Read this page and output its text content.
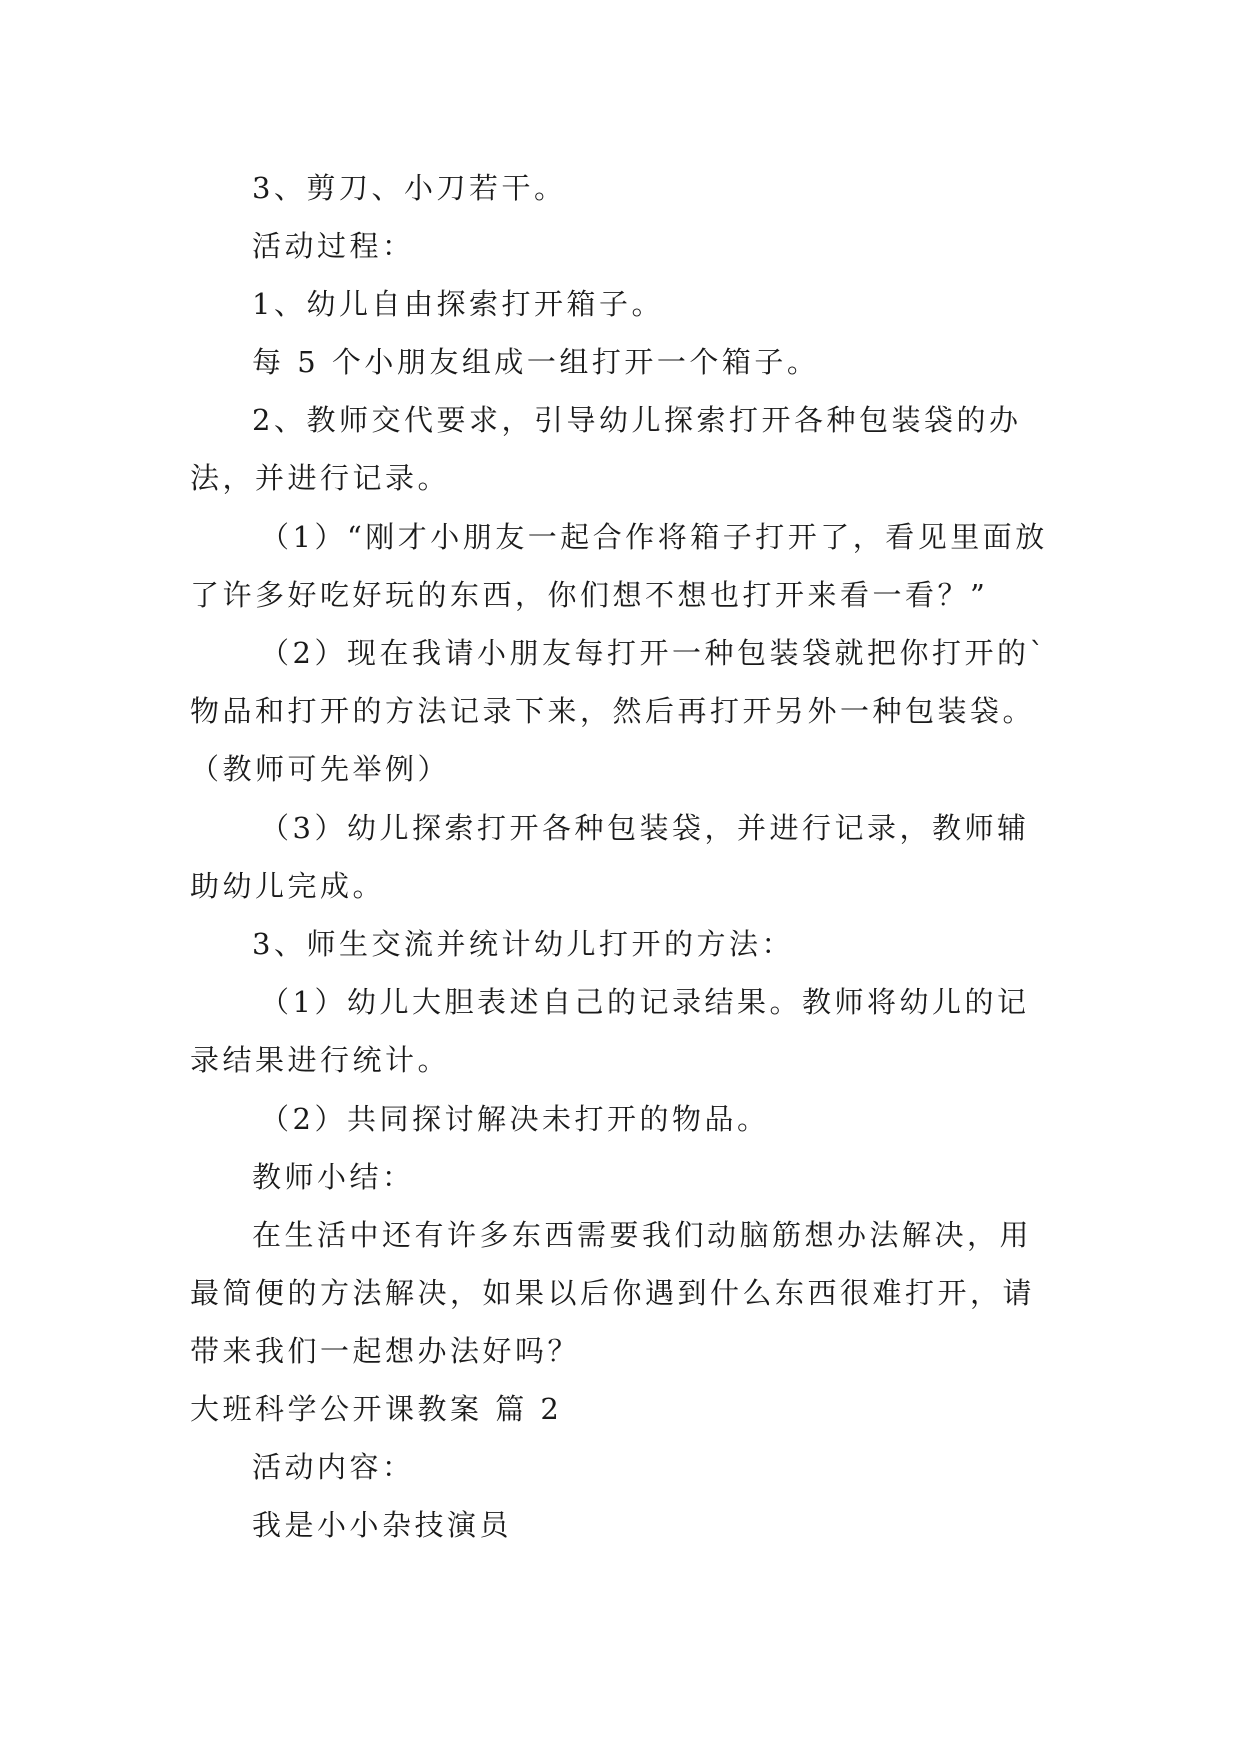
3、剪刀、小刀若干。
活动过程：
1、幼儿自由探索打开箱子。
每 5 个小朋友组成一组打开一个箱子。
2、教师交代要求，引导幼儿探索打开各种包装袋的办
法，并进行记录。
（1）“刚才小朋友一起合作将箱子打开了，看见里面放
了许多好吃好玩的东西，你们想不想也打开来看一看？”
（2）现在我请小朋友每打开一种包装袋就把你打开的`
物品和打开的方法记录下来，然后再打开另外一种包装袋。
（教师可先举例）
（3）幼儿探索打开各种包装袋，并进行记录，教师辅
助幼儿完成。
3、师生交流并统计幼儿打开的方法：
（1）幼儿大胆表述自己的记录结果。教师将幼儿的记
录结果进行统计。
（2）共同探讨解决未打开的物品。
教师小结：
在生活中还有许多东西需要我们动脑筋想办法解决，用
最简便的方法解决，如果以后你遇到什么东西很难打开，请
带来我们一起想办法好吗？
大班科学公开课教案 篇 2
活动内容：
我是小小杂技演员
